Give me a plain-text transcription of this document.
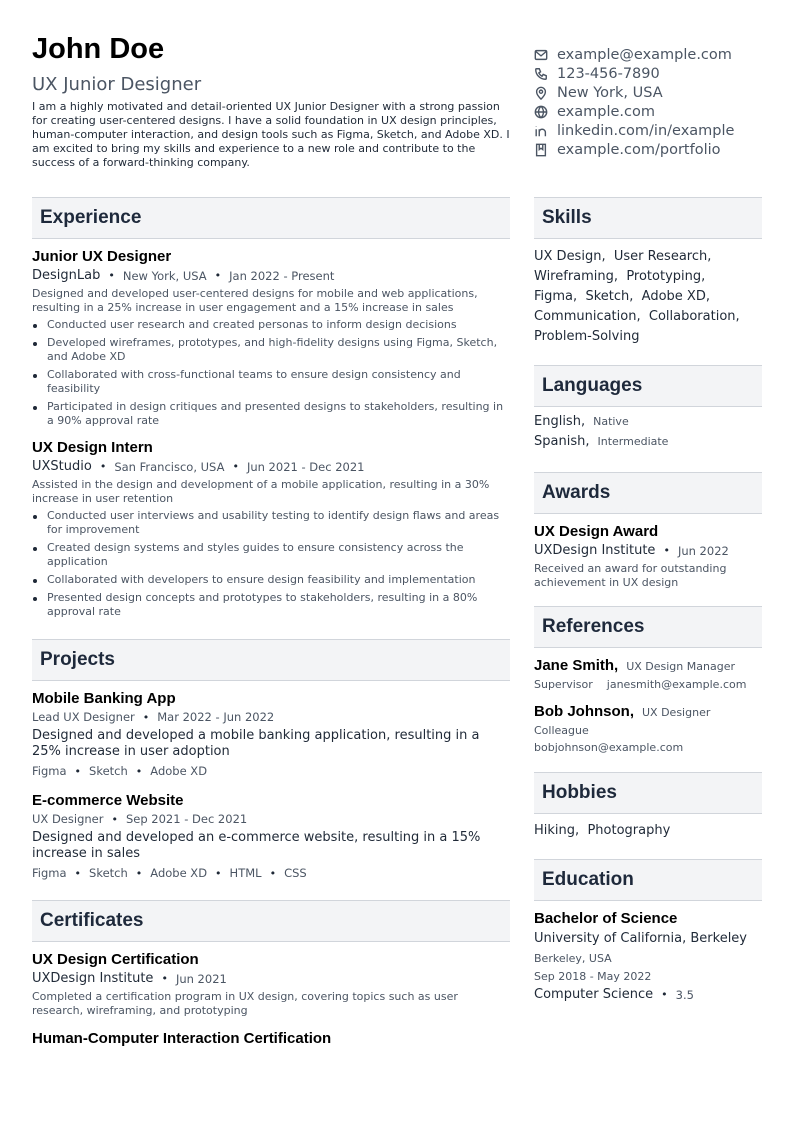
John Doe
UX Junior Designer
I am a highly motivated and detail-oriented UX Junior Designer with a strong passion for creating user-centered designs. I have a solid foundation in UX design principles, human-computer interaction, and design tools such as Figma, Sketch, and Adobe XD. I am excited to bring my skills and experience to a new role and contribute to the success of a forward-thinking company.
example@example.com
123-456-7890
New York, USA
example.com
linkedin.com/in/example
example.com/portfolio
Experience
Junior UX Designer
DesignLab • New York, USA • Jan 2022 - Present
Designed and developed user-centered designs for mobile and web applications, resulting in a 25% increase in user engagement and a 15% increase in sales
Conducted user research and created personas to inform design decisions
Developed wireframes, prototypes, and high-fidelity designs using Figma, Sketch, and Adobe XD
Collaborated with cross-functional teams to ensure design consistency and feasibility
Participated in design critiques and presented designs to stakeholders, resulting in a 90% approval rate
UX Design Intern
UXStudio • San Francisco, USA • Jun 2021 - Dec 2021
Assisted in the design and development of a mobile application, resulting in a 30% increase in user retention
Conducted user interviews and usability testing to identify design flaws and areas for improvement
Created design systems and styles guides to ensure consistency across the application
Collaborated with developers to ensure design feasibility and implementation
Presented design concepts and prototypes to stakeholders, resulting in a 80% approval rate
Projects
Mobile Banking App
Lead UX Designer • Mar 2022 - Jun 2022
Designed and developed a mobile banking application, resulting in a 25% increase in user adoption
Figma • Sketch • Adobe XD
E-commerce Website
UX Designer • Sep 2021 - Dec 2021
Designed and developed an e-commerce website, resulting in a 15% increase in sales
Figma • Sketch • Adobe XD • HTML • CSS
Certificates
UX Design Certification
UXDesign Institute • Jun 2021
Completed a certification program in UX design, covering topics such as user research, wireframing, and prototyping
Human-Computer Interaction Certification
Skills
UX Design,  User Research,
Wireframing,  Prototyping,
Figma,  Sketch,  Adobe XD,
Communication,  Collaboration,
Problem-Solving
Languages
English , Native
Spanish , Intermediate
Awards
UX Design Award
UXDesign Institute • Jun 2022
Received an award for outstanding achievement in UX design
References
Jane Smith , UX Design Manager
Supervisor janesmith@example.com
Bob Johnson , UX Designer
Colleague
bobjohnson@example.com
Hobbies
Hiking,  Photography
Education
Bachelor of Science
University of California, Berkeley
Berkeley, USA
Sep 2018 - May 2022
Computer Science • 3.5
